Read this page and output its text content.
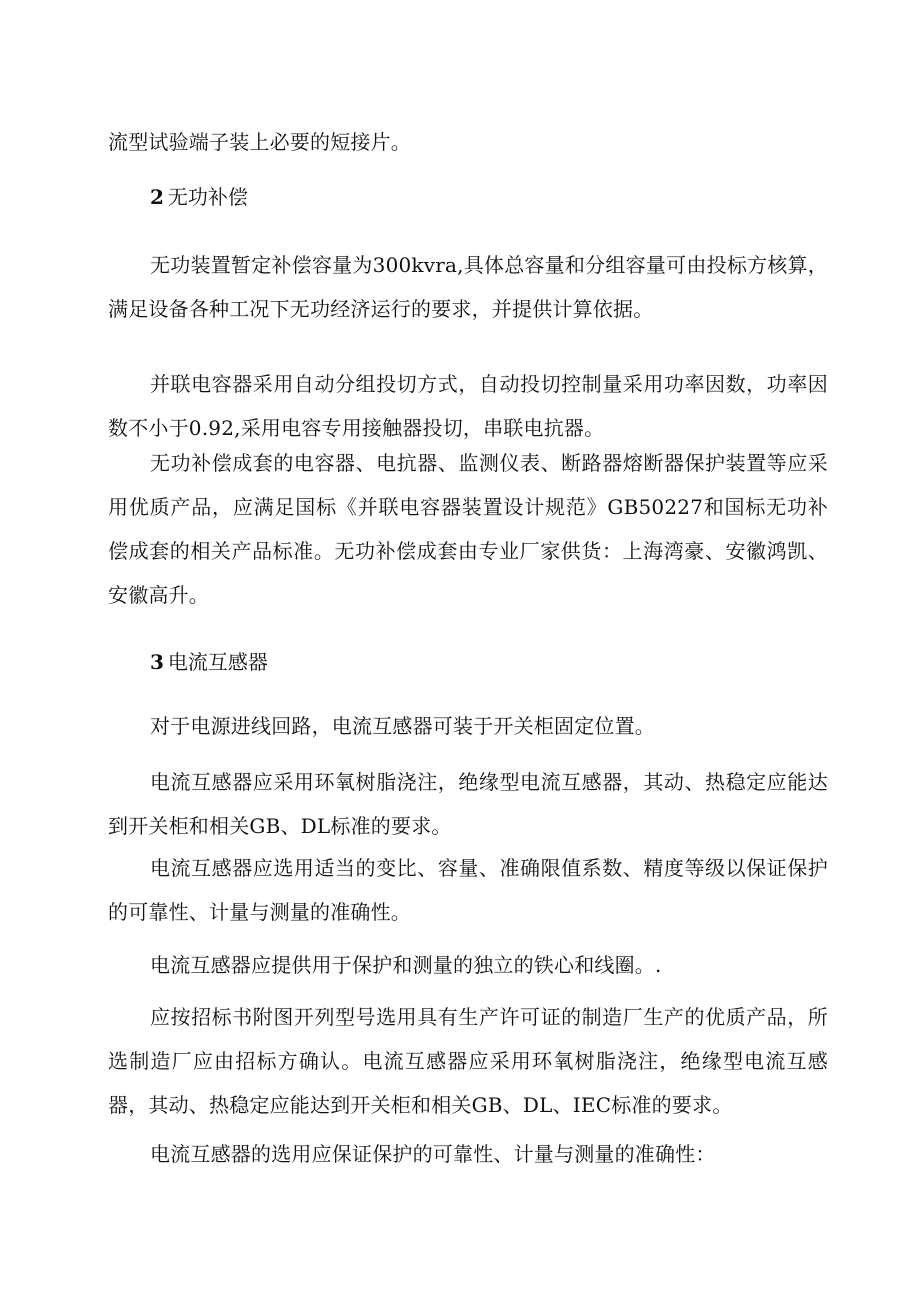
流型试验端子装上必要的短接片。

2 无功补偿

无功装置暂定补偿容量为300kvra,具体总容量和分组容量可由投标方核算，满足设备各种工况下无功经济运行的要求，并提供计算依据。

并联电容器采用自动分组投切方式，自动投切控制量采用功率因数，功率因数不小于0.92,采用电容专用接触器投切，串联电抗器。

无功补偿成套的电容器、电抗器、监测仪表、断路器熔断器保护装置等应采用优质产品，应满足国标《并联电容器装置设计规范》GB50227和国标无功补偿成套的相关产品标准。无功补偿成套由专业厂家供货：上海湾豪、安徽鸿凯、安徽高升。

3 电流互感器

对于电源进线回路，电流互感器可装于开关柜固定位置。

电流互感器应采用环氧树脂浇注，绝缘型电流互感器，其动、热稳定应能达到开关柜和相关GB、DL标准的要求。

电流互感器应选用适当的变比、容量、准确限值系数、精度等级以保证保护的可靠性、计量与测量的准确性。

电流互感器应提供用于保护和测量的独立的铁心和线圈。.

应按招标书附图开列型号选用具有生产许可证的制造厂生产的优质产品，所选制造厂应由招标方确认。电流互感器应采用环氧树脂浇注，绝缘型电流互感器，其动、热稳定应能达到开关柜和相关GB、DL、IEC标准的要求。

电流互感器的选用应保证保护的可靠性、计量与测量的准确性：
